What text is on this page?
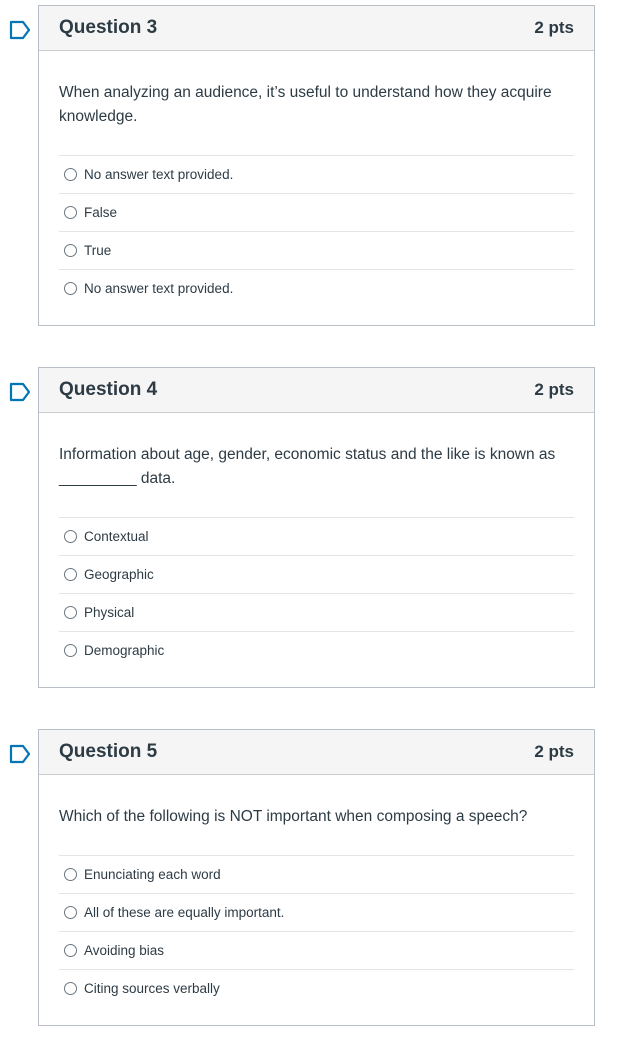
Question 3	2 pts

When analyzing an audience, it’s useful to understand how they acquire knowledge.

No answer text provided.
False
True
No answer text provided.
Question 4	2 pts

Information about age, gender, economic status and the like is known as _________ data.

Contextual
Geographic
Physical
Demographic
Question 5	2 pts

Which of the following is NOT important when composing a speech?

Enunciating each word
All of these are equally important.
Avoiding bias
Citing sources verbally
